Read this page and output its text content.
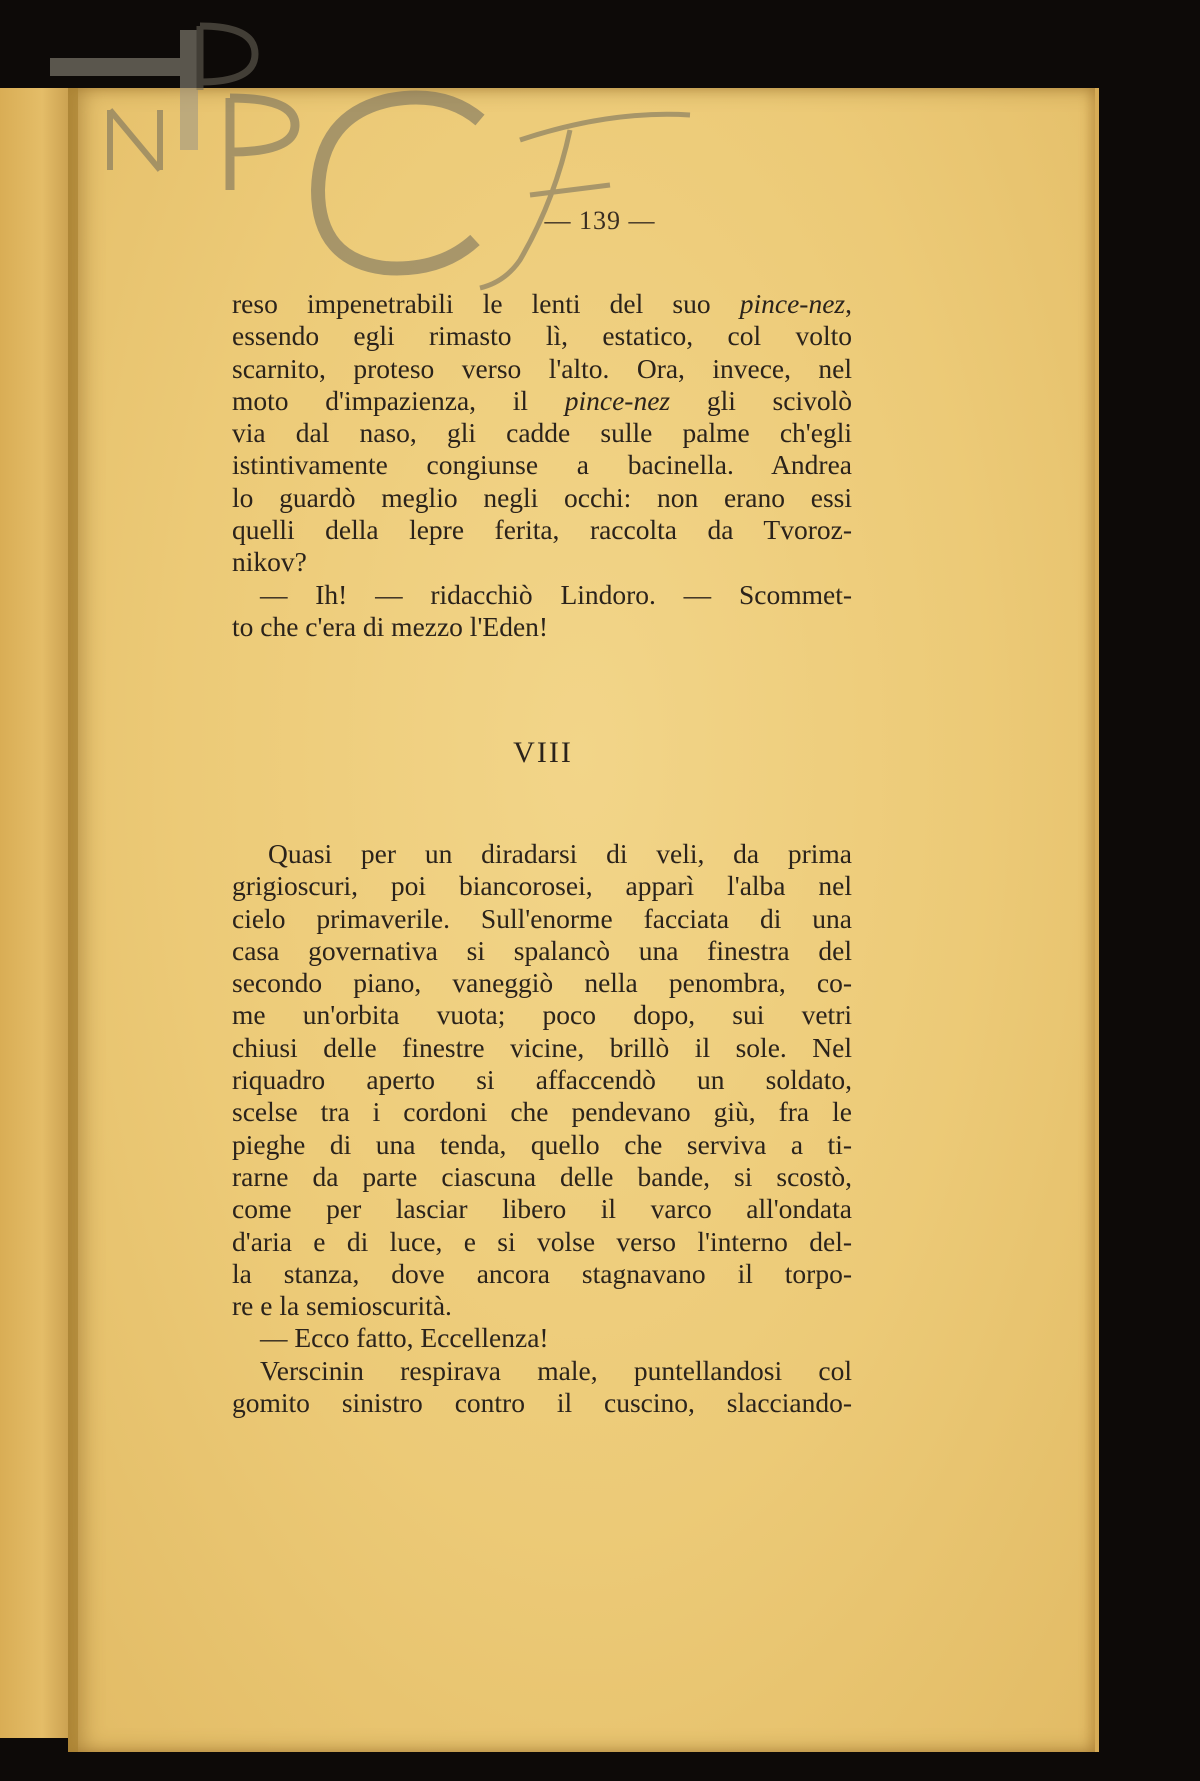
— 139 —
reso impenetrabili le lenti del suo pince-nez,
essendo egli rimasto lì, estatico, col volto
scarnito, proteso verso l'alto. Ora, invece, nel
moto d'impazienza, il pince-nez gli scivolò
via dal naso, gli cadde sulle palme ch'egli
istintivamente congiunse a bacinella. Andrea
lo guardò meglio negli occhi: non erano essi
quelli della lepre ferita, raccolta da Tvoroz-
nikov?
— Ih! — ridacchiò Lindoro. — Scommet-
to che c'era di mezzo l'Eden!
VIII
Quasi per un diradarsi di veli, da prima
grigioscuri, poi biancorosei, apparì l'alba nel
cielo primaverile. Sull'enorme facciata di una
casa governativa si spalancò una finestra del
secondo piano, vaneggiò nella penombra, co-
me un'orbita vuota; poco dopo, sui vetri
chiusi delle finestre vicine, brillò il sole. Nel
riquadro aperto si affaccendò un soldato,
scelse tra i cordoni che pendevano giù, fra le
pieghe di una tenda, quello che serviva a ti-
rarne da parte ciascuna delle bande, si scostò,
come per lasciar libero il varco all'ondata
d'aria e di luce, e si volse verso l'interno del-
la stanza, dove ancora stagnavano il torpo-
re e la semioscurità.
— Ecco fatto, Eccellenza!
Verscinin respirava male, puntellandosi col
gomito sinistro contro il cuscino, slacciando-
